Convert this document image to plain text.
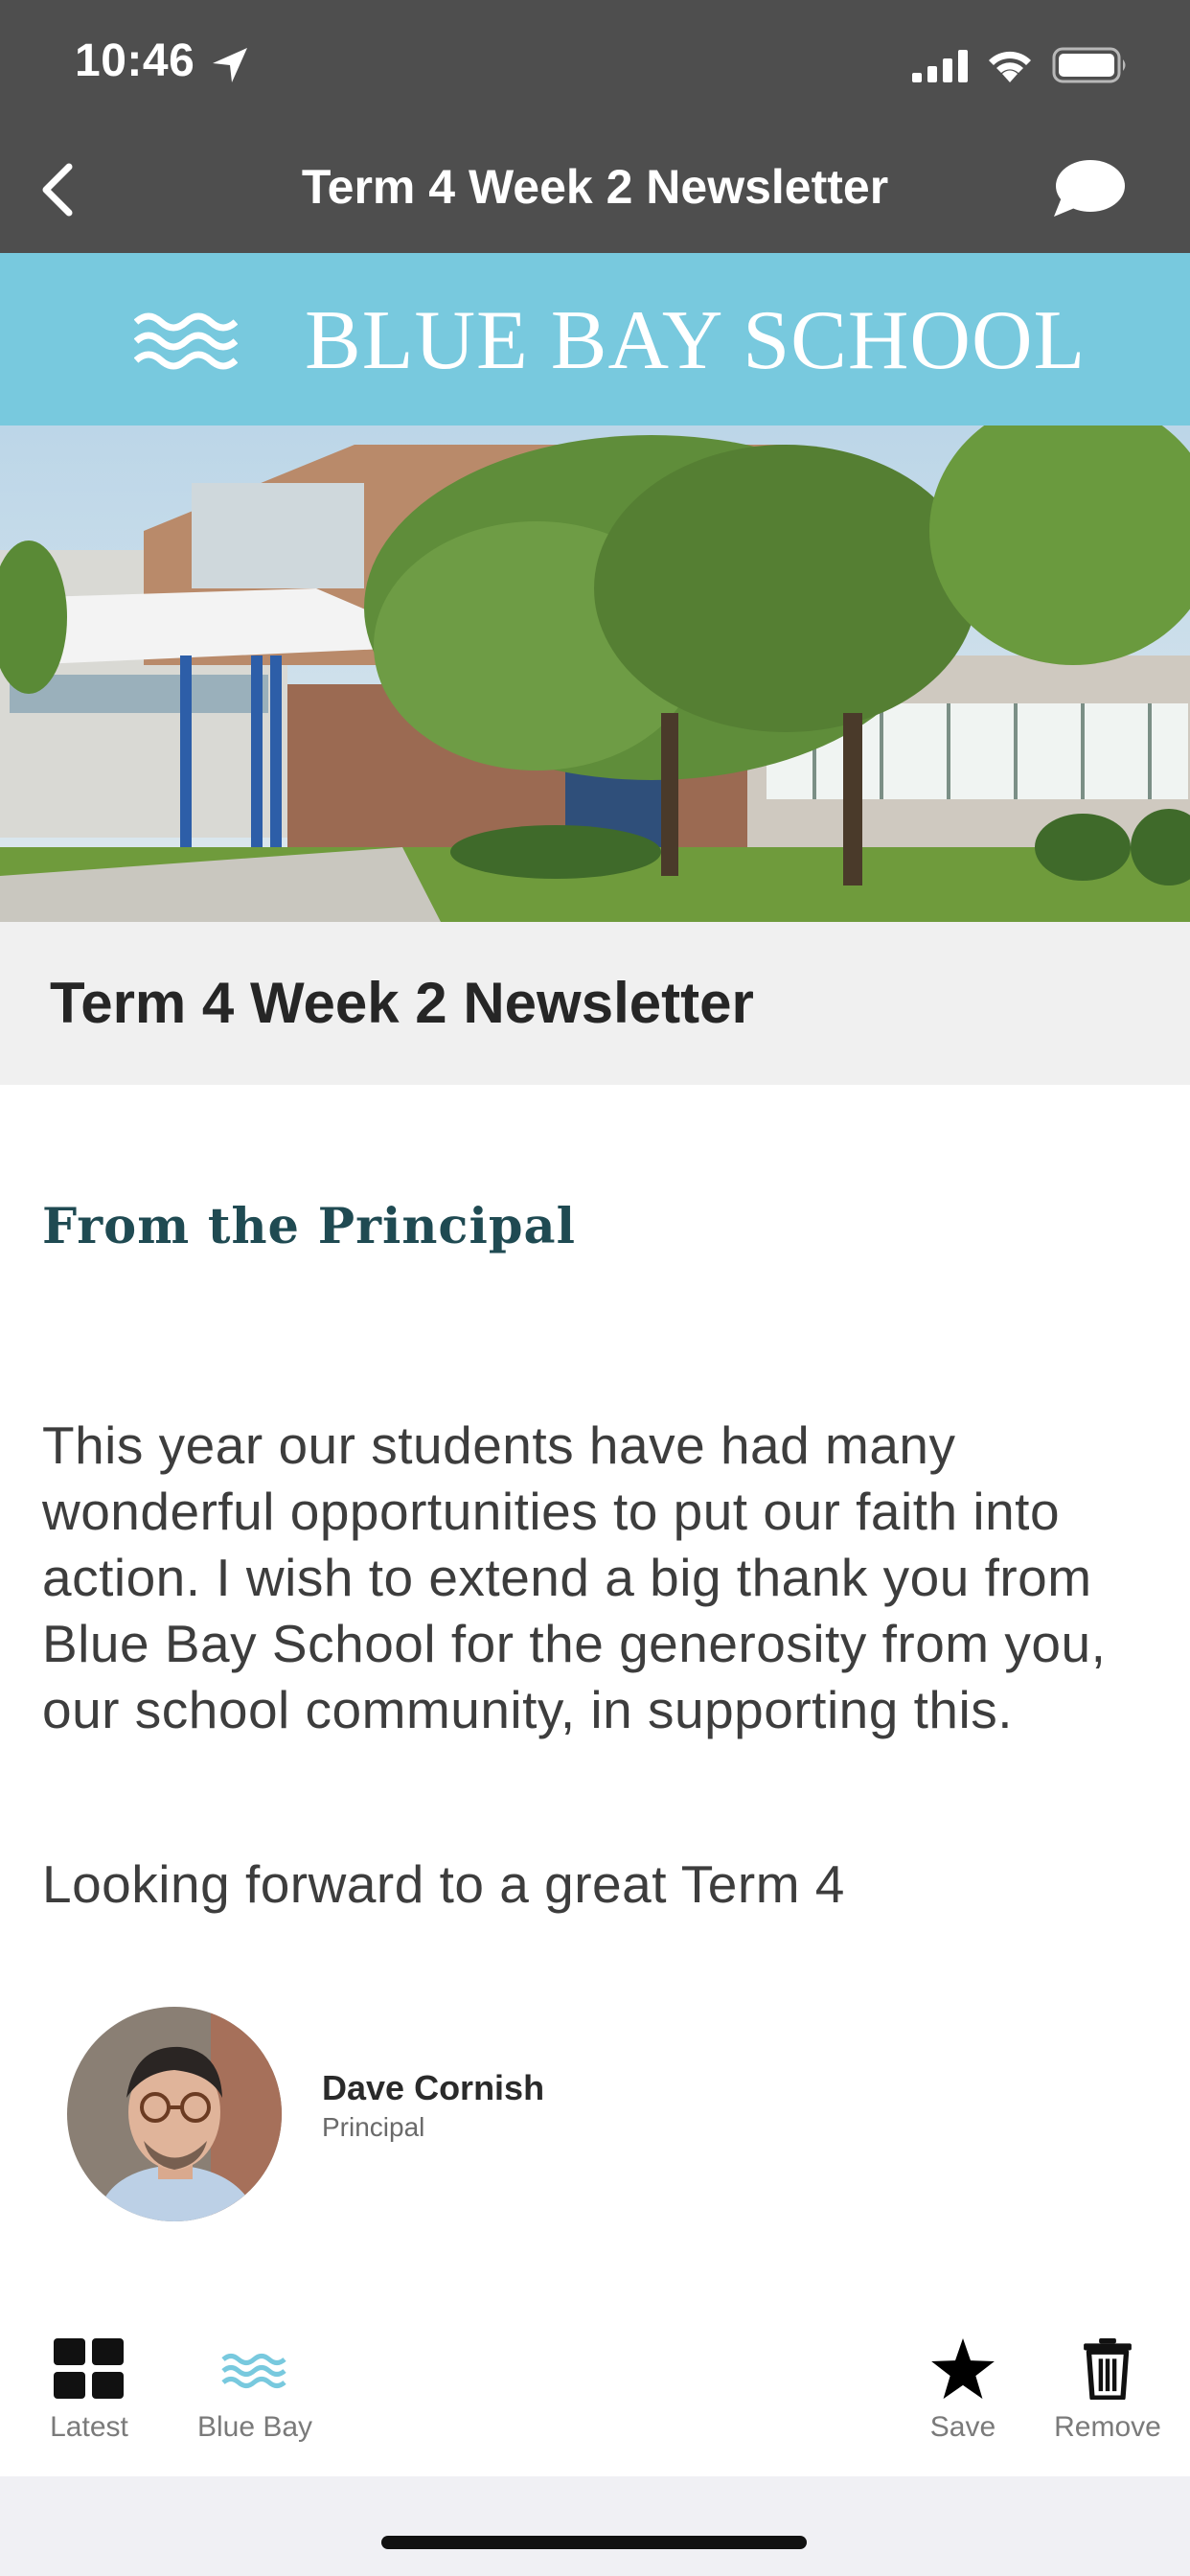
10:46
Term 4 Week 2 Newsletter
BLUE BAY SCHOOL
Term 4 Week 2 Newsletter
From the Principal

This year our students have had many wonderful opportunities to put our faith into action. I wish to extend a big thank you from Blue Bay School for the generosity from you, our school community, in supporting this.

Looking forward to a great Term 4

Dave Cornish
Principal
Latest Blue Bay	Save Remove
